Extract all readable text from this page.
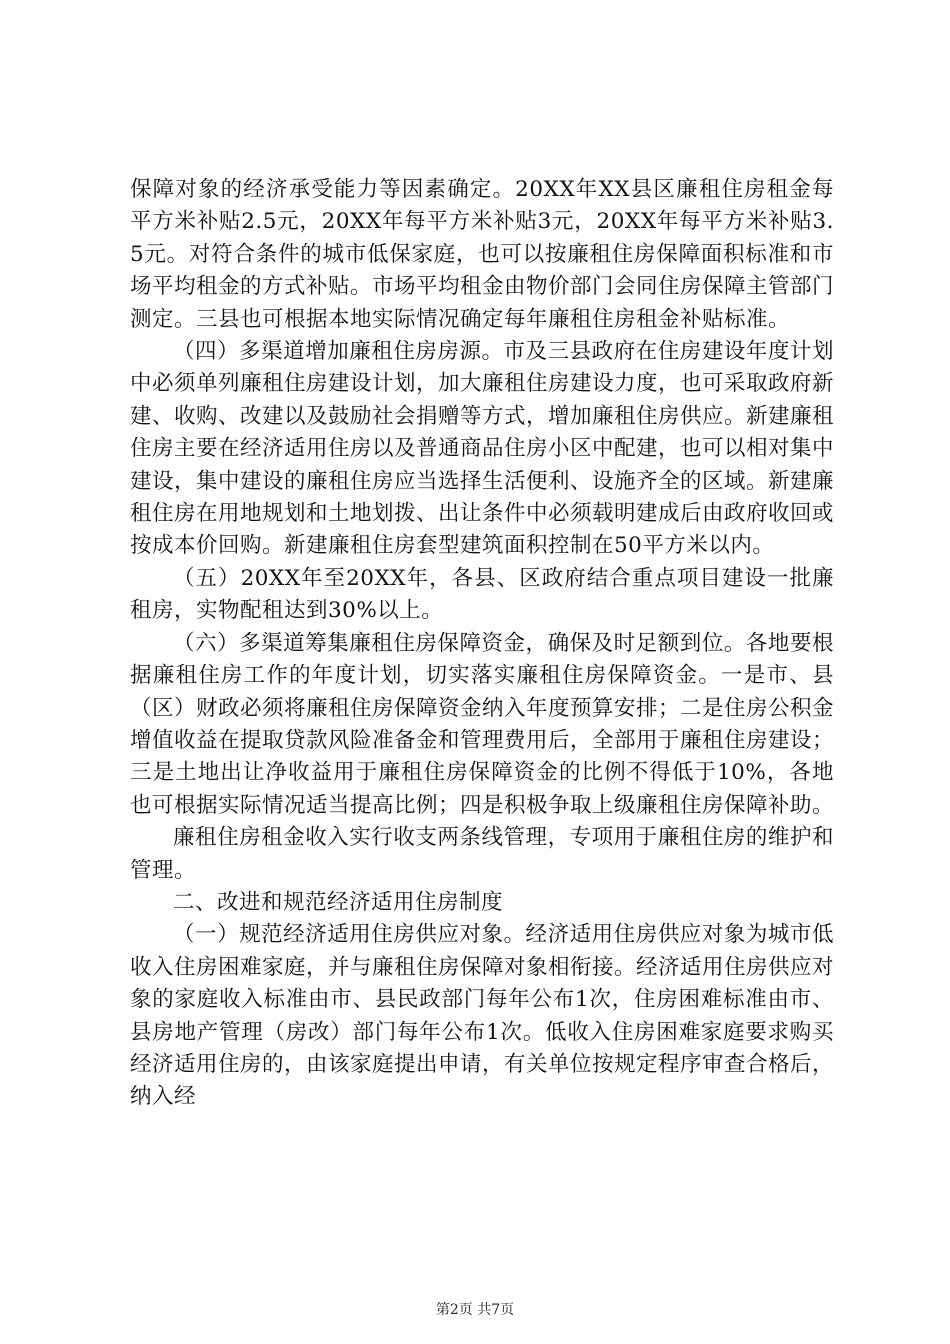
保障对象的经济承受能力等因素确定。20XX年XX县区廉租住房租金每平方米补贴2.5元，20XX年每平方米补贴3元，20XX年每平方米补贴3.5元。对符合条件的城市低保家庭，也可以按廉租住房保障面积标准和市场平均租金的方式补贴。市场平均租金由物价部门会同住房保障主管部门测定。三县也可根据本地实际情况确定每年廉租住房租金补贴标准。

（四）多渠道增加廉租住房房源。市及三县政府在住房建设年度计划中必须单列廉租住房建设计划，加大廉租住房建设力度，也可采取政府新建、收购、改建以及鼓励社会捐赠等方式，增加廉租住房供应。新建廉租住房主要在经济适用住房以及普通商品住房小区中配建，也可以相对集中建设，集中建设的廉租住房应当选择生活便利、设施齐全的区域。新建廉租住房在用地规划和土地划拨、出让条件中必须载明建成后由政府收回或按成本价回购。新建廉租住房套型建筑面积控制在50平方米以内。

（五）20XX年至20XX年，各县、区政府结合重点项目建设一批廉租房，实物配租达到30%以上。

（六）多渠道筹集廉租住房保障资金，确保及时足额到位。各地要根据廉租住房工作的年度计划，切实落实廉租住房保障资金。一是市、县（区）财政必须将廉租住房保障资金纳入年度预算安排；二是住房公积金增值收益在提取贷款风险准备金和管理费用后，全部用于廉租住房建设；三是土地出让净收益用于廉租住房保障资金的比例不得低于10%，各地也可根据实际情况适当提高比例；四是积极争取上级廉租住房保障补助。

廉租住房租金收入实行收支两条线管理，专项用于廉租住房的维护和管理。

二、改进和规范经济适用住房制度

（一）规范经济适用住房供应对象。经济适用住房供应对象为城市低收入住房困难家庭，并与廉租住房保障对象相衔接。经济适用住房供应对象的家庭收入标准由市、县民政部门每年公布1次，住房困难标准由市、县房地产管理（房改）部门每年公布1次。低收入住房困难家庭要求购买经济适用住房的，由该家庭提出申请，有关单位按规定程序审查合格后，纳入经

第2页 共7页
